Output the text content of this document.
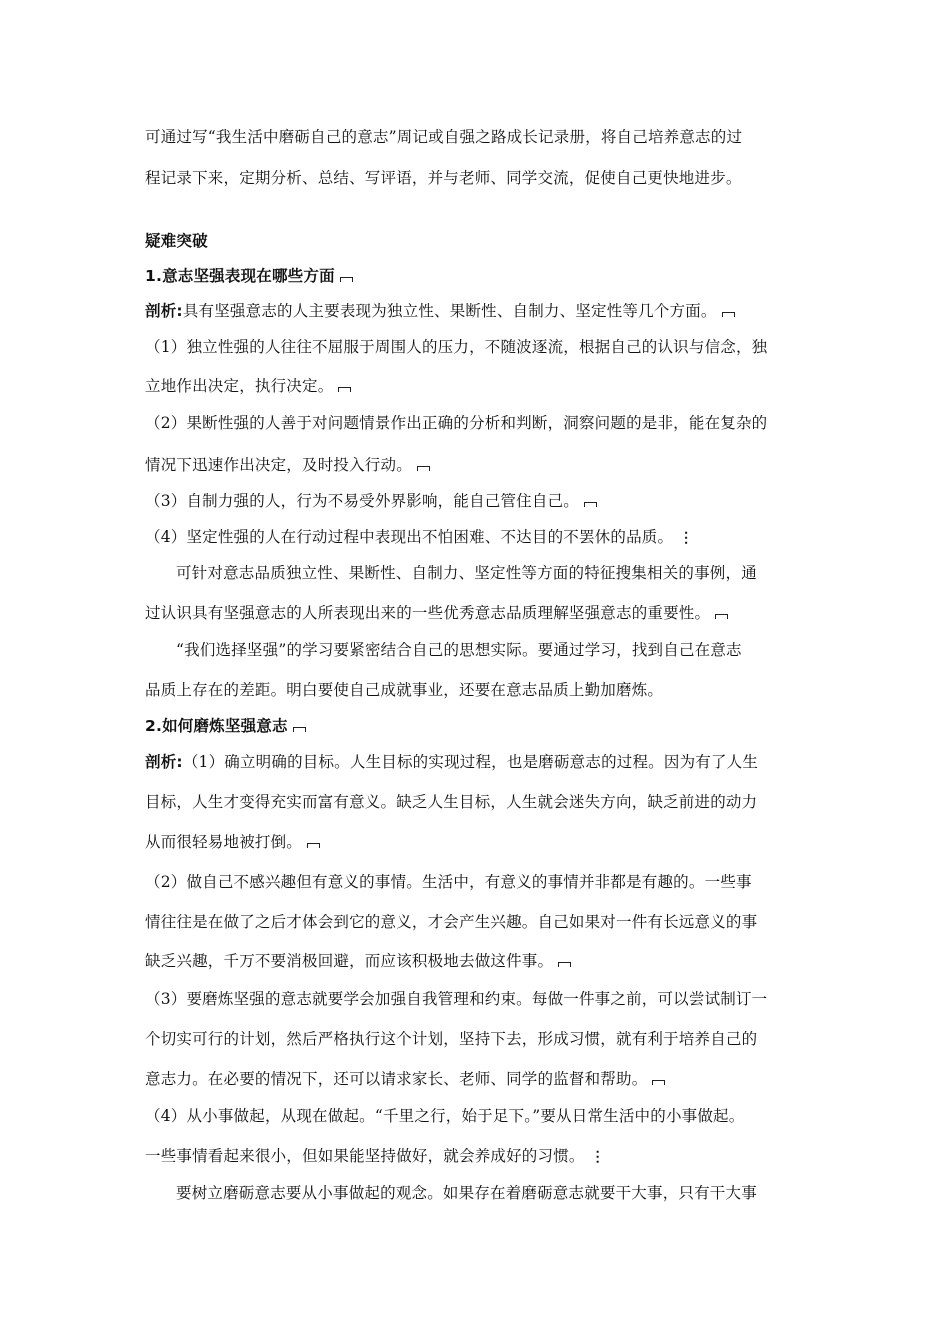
可通过写“我生活中磨砺自己的意志”周记或自强之路成长记录册，将自己培养意志的过
程记录下来，定期分析、总结、写评语，并与老师、同学交流，促使自己更快地进步。
疑难突破
1.意志坚强表现在哪些方面
剖析:具有坚强意志的人主要表现为独立性、果断性、自制力、坚定性等几个方面。
（1）独立性强的人往往不屈服于周围人的压力，不随波逐流，根据自己的认识与信念，独
立地作出决定，执行决定。
（2）果断性强的人善于对问题情景作出正确的分析和判断，洞察问题的是非，能在复杂的
情况下迅速作出决定，及时投入行动。
（3）自制力强的人，行为不易受外界影响，能自己管住自己。
（4）坚定性强的人在行动过程中表现出不怕困难、不达目的不罢休的品质。 ⋮
可针对意志品质独立性、果断性、自制力、坚定性等方面的特征搜集相关的事例，通
过认识具有坚强意志的人所表现出来的一些优秀意志品质理解坚强意志的重要性。
“我们选择坚强”的学习要紧密结合自己的思想实际。要通过学习，找到自己在意志
品质上存在的差距。明白要使自己成就事业，还要在意志品质上勤加磨炼。
2.如何磨炼坚强意志
剖析:（1）确立明确的目标。人生目标的实现过程，也是磨砺意志的过程。因为有了人生
目标，人生才变得充实而富有意义。缺乏人生目标，人生就会迷失方向，缺乏前进的动力
从而很轻易地被打倒。
（2）做自己不感兴趣但有意义的事情。生活中，有意义的事情并非都是有趣的。一些事
情往往是在做了之后才体会到它的意义，才会产生兴趣。自己如果对一件有长远意义的事
缺乏兴趣，千万不要消极回避，而应该积极地去做这件事。
（3）要磨炼坚强的意志就要学会加强自我管理和约束。每做一件事之前，可以尝试制订一
个切实可行的计划，然后严格执行这个计划，坚持下去，形成习惯，就有利于培养自己的
意志力。在必要的情况下，还可以请求家长、老师、同学的监督和帮助。
（4）从小事做起，从现在做起。“千里之行，始于足下。”要从日常生活中的小事做起。
一些事情看起来很小，但如果能坚持做好，就会养成好的习惯。 ⋮
要树立磨砺意志要从小事做起的观念。如果存在着磨砺意志就要干大事，只有干大事
